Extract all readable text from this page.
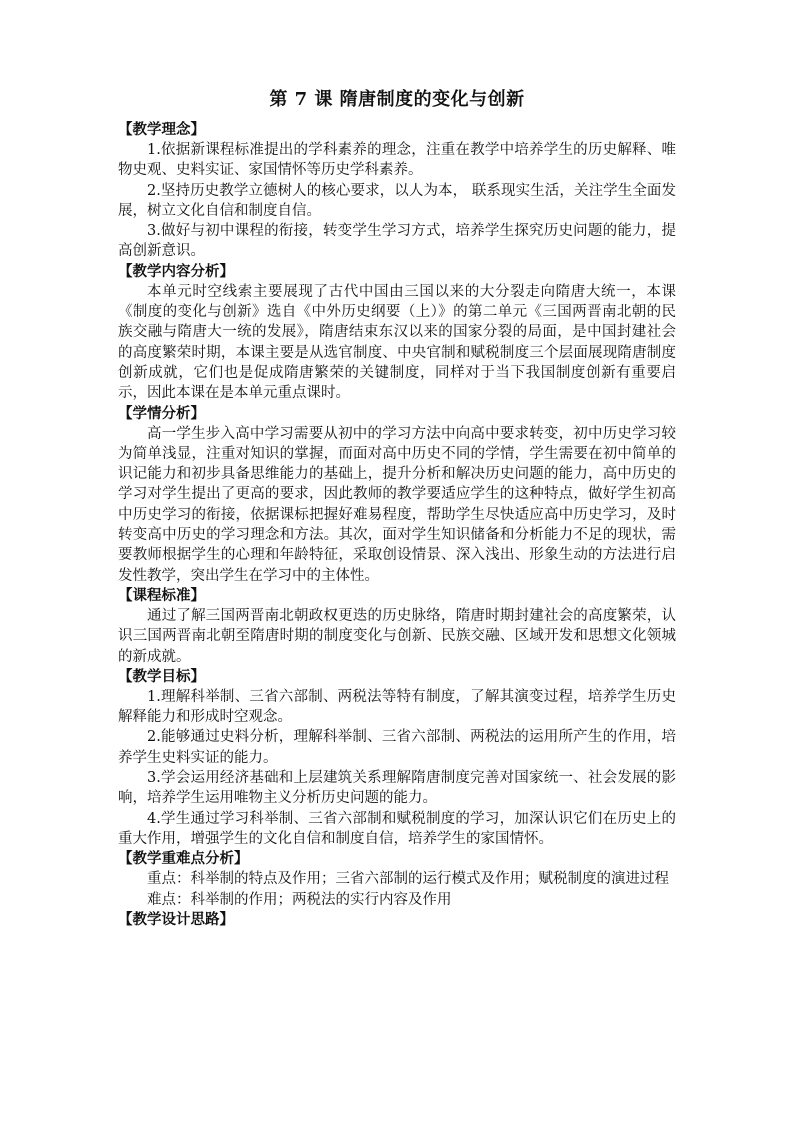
第 7 课 隋唐制度的变化与创新
【教学理念】

1.依据新课程标准提出的学科素养的理念，注重在教学中培养学生的历史解释、唯物史观、史料实证、家国情怀等历史学科素养。

2.坚持历史教学立德树人的核心要求，以人为本， 联系现实生活，关注学生全面发展，树立文化自信和制度自信。

3.做好与初中课程的衔接，转变学生学习方式，培养学生探究历史问题的能力，提高创新意识。

【教学内容分析】

本单元时空线索主要展现了古代中国由三国以来的大分裂走向隋唐大统一，本课《制度的变化与创新》选自《中外历史纲要（上）》的第二单元《三国两晋南北朝的民族交融与隋唐大一统的发展》，隋唐结束东汉以来的国家分裂的局面，是中国封建社会的高度繁荣时期，本课主要是从选官制度、中央官制和赋税制度三个层面展现隋唐制度创新成就，它们也是促成隋唐繁荣的关键制度，同样对于当下我国制度创新有重要启示，因此本课在是本单元重点课时。

【学情分析】

高一学生步入高中学习需要从初中的学习方法中向高中要求转变，初中历史学习较为简单浅显，注重对知识的掌握，而面对高中历史不同的学情，学生需要在初中简单的识记能力和初步具备思维能力的基础上，提升分析和解决历史问题的能力，高中历史的学习对学生提出了更高的要求，因此教师的教学要适应学生的这种特点，做好学生初高中历史学习的衔接，依据课标把握好难易程度，帮助学生尽快适应高中历史学习，及时转变高中历史的学习理念和方法。其次，面对学生知识储备和分析能力不足的现状，需要教师根据学生的心理和年龄特征，采取创设情景、深入浅出、形象生动的方法进行启发性教学，突出学生在学习中的主体性。

【课程标准】

通过了解三国两晋南北朝政权更迭的历史脉络，隋唐时期封建社会的高度繁荣，认识三国两晋南北朝至隋唐时期的制度变化与创新、民族交融、区域开发和思想文化领城的新成就。

【教学目标】

1.理解科举制、三省六部制、两税法等特有制度，了解其演变过程，培养学生历史解释能力和形成时空观念。

2.能够通过史料分析，理解科举制、三省六部制、两税法的运用所产生的作用，培养学生史料实证的能力。

3.学会运用经济基础和上层建筑关系理解隋唐制度完善对国家统一、社会发展的影响，培养学生运用唯物主义分析历史问题的能力。

4.学生通过学习科举制、三省六部制和赋税制度的学习，加深认识它们在历史上的重大作用，增强学生的文化自信和制度自信，培养学生的家国情怀。

【教学重难点分析】

重点：科举制的特点及作用；三省六部制的运行模式及作用；赋税制度的演进过程

难点：科举制的作用；两税法的实行内容及作用

【教学设计思路】
